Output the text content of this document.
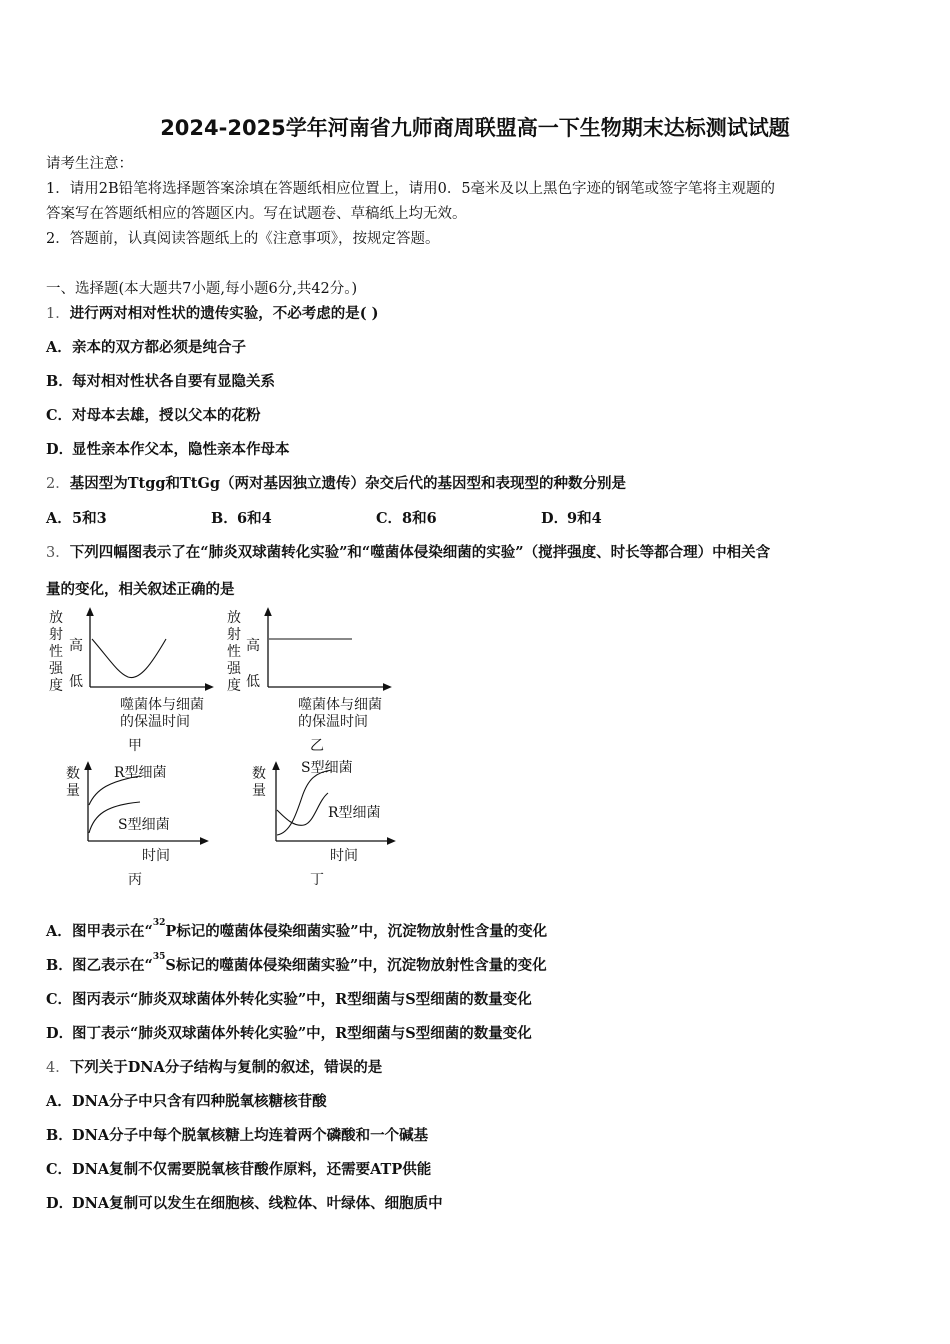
2024-2025学年河南省九师商周联盟高一下生物期末达标测试试题
请考生注意：
1．请用2B铅笔将选择题答案涂填在答题纸相应位置上，请用0．5毫米及以上黑色字迹的钢笔或签字笔将主观题的
答案写在答题纸相应的答题区内。写在试题卷、草稿纸上均无效。
2．答题前，认真阅读答题纸上的《注意事项》，按规定答题。
一、选择题(本大题共7小题,每小题6分,共42分。)
1．进行两对相对性状的遗传实验，不必考虑的是( )
A．亲本的双方都必须是纯合子
B．每对相对性状各自要有显隐关系
C．对母本去雄，授以父本的花粉
D．显性亲本作父本，隐性亲本作母本
2．基因型为Ttgg和TtGg（两对基因独立遗传）杂交后代的基因型和表现型的种数分别是
A．5和3	B．6和4	C．8和6	D．9和4
3．下列四幅图表示了在“肺炎双球菌转化实验”和“噬菌体侵染细菌的实验”（搅拌强度、时长等都合理）中相关含
量的变化，相关叙述正确的是
放
射
性
强
度
高
低
噬菌体与细菌
的保温时间
甲
放
射
性
强
度
高
低
噬菌体与细菌
的保温时间
乙
数
量
R型细菌
S型细菌
时间
丙
数
量
S型细菌
R型细菌
时间
丁
A．图甲表示在“$^{32}$P标记的噬菌体侵染细菌实验”中，沉淀物放射性含量的变化
B．图乙表示在“$^{35}$S标记的噬菌体侵染细菌实验”中，沉淀物放射性含量的变化
C．图丙表示“肺炎双球菌体外转化实验”中，R型细菌与S型细菌的数量变化
D．图丁表示“肺炎双球菌体外转化实验”中，R型细菌与S型细菌的数量变化
4．下列关于DNA分子结构与复制的叙述，错误的是
A．DNA分子中只含有四种脱氧核糖核苷酸
B．DNA分子中每个脱氧核糖上均连着两个磷酸和一个碱基
C．DNA复制不仅需要脱氧核苷酸作原料，还需要ATP供能
D．DNA复制可以发生在细胞核、线粒体、叶绿体、细胞质中
